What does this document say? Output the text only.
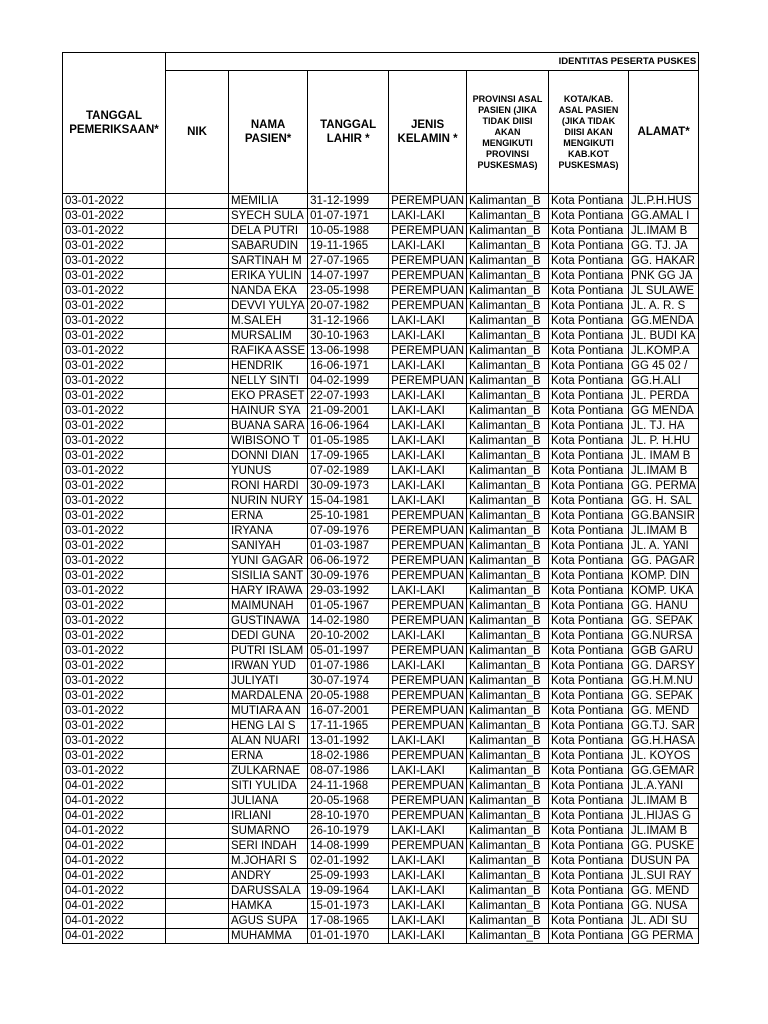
TANGGAL PEMERIKSAAN*	IDENTITAS PESERTA PUSKES						
	NIK	NAMA PASIEN*	TANGGAL LAHIR *	JENIS KELAMIN *	PROVINSI ASAL PASIEN (JIKA TIDAK DIISI AKAN MENGIKUTI PROVINSI PUSKESMAS)	KOTA/KAB. ASAL PASIEN (JIKA TIDAK DIISI AKAN MENGIKUTI KAB.KOT PUSKESMAS)	ALAMAT*
03-01-2022		MEMILIA	31-12-1999	PEREMPUAN	Kalimantan_B	Kota Pontiana	JL.P.H.HUS
03-01-2022		SYECH SULA	01-07-1971	LAKI-LAKI	Kalimantan_B	Kota Pontiana	GG.AMAL I
03-01-2022		DELA PUTRI	10-05-1988	PEREMPUAN	Kalimantan_B	Kota Pontiana	JL.IMAM B
03-01-2022		SABARUDIN	19-11-1965	LAKI-LAKI	Kalimantan_B	Kota Pontiana	GG. TJ. JA
03-01-2022		SARTINAH M	27-07-1965	PEREMPUAN	Kalimantan_B	Kota Pontiana	GG. HAKAR
03-01-2022		ERIKA YULIN	14-07-1997	PEREMPUAN	Kalimantan_B	Kota Pontiana	PNK GG JA
03-01-2022		NANDA EKA	23-05-1998	PEREMPUAN	Kalimantan_B	Kota Pontiana	JL SULAWE
03-01-2022		DEVVI YULYA	20-07-1982	PEREMPUAN	Kalimantan_B	Kota Pontiana	JL. A. R. S
03-01-2022		M.SALEH	31-12-1966	LAKI-LAKI	Kalimantan_B	Kota Pontiana	GG.MENDA
03-01-2022		MURSALIM	30-10-1963	LAKI-LAKI	Kalimantan_B	Kota Pontiana	JL. BUDI KA
03-01-2022		RAFIKA ASSE	13-06-1998	PEREMPUAN	Kalimantan_B	Kota Pontiana	JL.KOMP.A
03-01-2022		HENDRIK	16-06-1971	LAKI-LAKI	Kalimantan_B	Kota Pontiana	GG 45 02 /
03-01-2022		NELLY SINTI	04-02-1999	PEREMPUAN	Kalimantan_B	Kota Pontiana	GG.H.ALI
03-01-2022		EKO PRASET	22-07-1993	LAKI-LAKI	Kalimantan_B	Kota Pontiana	JL. PERDA
03-01-2022		HAINUR SYA	21-09-2001	LAKI-LAKI	Kalimantan_B	Kota Pontiana	GG MENDA
03-01-2022		BUANA SARA	16-06-1964	LAKI-LAKI	Kalimantan_B	Kota Pontiana	JL. TJ. HA
03-01-2022		WIBISONO T	01-05-1985	LAKI-LAKI	Kalimantan_B	Kota Pontiana	JL. P. H.HU
03-01-2022		DONNI DIAN	17-09-1965	LAKI-LAKI	Kalimantan_B	Kota Pontiana	JL. IMAM B
03-01-2022		YUNUS	07-02-1989	LAKI-LAKI	Kalimantan_B	Kota Pontiana	JL.IMAM B
03-01-2022		RONI HARDI	30-09-1973	LAKI-LAKI	Kalimantan_B	Kota Pontiana	GG. PERMA
03-01-2022		NURIN NURY	15-04-1981	LAKI-LAKI	Kalimantan_B	Kota Pontiana	GG. H. SAL
03-01-2022		ERNA	25-10-1981	PEREMPUAN	Kalimantan_B	Kota Pontiana	GG.BANSIR
03-01-2022		IRYANA	07-09-1976	PEREMPUAN	Kalimantan_B	Kota Pontiana	JL.IMAM B
03-01-2022		SANIYAH	01-03-1987	PEREMPUAN	Kalimantan_B	Kota Pontiana	JL. A. YANI
03-01-2022		YUNI GAGAR	06-06-1972	PEREMPUAN	Kalimantan_B	Kota Pontiana	GG. PAGAR
03-01-2022		SISILIA SANT	30-09-1976	PEREMPUAN	Kalimantan_B	Kota Pontiana	KOMP. DIN
03-01-2022		HARY IRAWA	29-03-1992	LAKI-LAKI	Kalimantan_B	Kota Pontiana	KOMP. UKA
03-01-2022		MAIMUNAH	01-05-1967	PEREMPUAN	Kalimantan_B	Kota Pontiana	GG. HANU
03-01-2022		GUSTINAWA	14-02-1980	PEREMPUAN	Kalimantan_B	Kota Pontiana	GG. SEPAK
03-01-2022		DEDI GUNA	20-10-2002	LAKI-LAKI	Kalimantan_B	Kota Pontiana	GG.NURSA
03-01-2022		PUTRI ISLAM	05-01-1997	PEREMPUAN	Kalimantan_B	Kota Pontiana	GGB GARU
03-01-2022		IRWAN YUD	01-07-1986	LAKI-LAKI	Kalimantan_B	Kota Pontiana	GG. DARSY
03-01-2022		JULIYATI	30-07-1974	PEREMPUAN	Kalimantan_B	Kota Pontiana	GG.H.M.NU
03-01-2022		MARDALENA	20-05-1988	PEREMPUAN	Kalimantan_B	Kota Pontiana	GG. SEPAK
03-01-2022		MUTIARA AN	16-07-2001	PEREMPUAN	Kalimantan_B	Kota Pontiana	GG. MEND
03-01-2022		HENG LAI S	17-11-1965	PEREMPUAN	Kalimantan_B	Kota Pontiana	GG.TJ. SAR
03-01-2022		ALAN NUARI	13-01-1992	LAKI-LAKI	Kalimantan_B	Kota Pontiana	GG.H.HASA
03-01-2022		ERNA	18-02-1986	PEREMPUAN	Kalimantan_B	Kota Pontiana	JL. KOYOS
03-01-2022		ZULKARNAE	08-07-1986	LAKI-LAKI	Kalimantan_B	Kota Pontiana	GG.GEMAR
04-01-2022		SITI YULIDA	24-11-1968	PEREMPUAN	Kalimantan_B	Kota Pontiana	JL.A.YANI
04-01-2022		JULIANA	20-05-1968	PEREMPUAN	Kalimantan_B	Kota Pontiana	JL.IMAM B
04-01-2022		IRLIANI	28-10-1970	PEREMPUAN	Kalimantan_B	Kota Pontiana	JL.HIJAS G
04-01-2022		SUMARNO	26-10-1979	LAKI-LAKI	Kalimantan_B	Kota Pontiana	JL.IMAM B
04-01-2022		SERI INDAH	14-08-1999	PEREMPUAN	Kalimantan_B	Kota Pontiana	GG. PUSKE
04-01-2022		M.JOHARI S	02-01-1992	LAKI-LAKI	Kalimantan_B	Kota Pontiana	DUSUN PA
04-01-2022		ANDRY	25-09-1993	LAKI-LAKI	Kalimantan_B	Kota Pontiana	JL.SUI RAY
04-01-2022		DARUSSALA	19-09-1964	LAKI-LAKI	Kalimantan_B	Kota Pontiana	GG. MEND
04-01-2022		HAMKA	15-01-1973	LAKI-LAKI	Kalimantan_B	Kota Pontiana	GG. NUSA
04-01-2022		AGUS SUPA	17-08-1965	LAKI-LAKI	Kalimantan_B	Kota Pontiana	JL. ADI SU
04-01-2022		MUHAMMA	01-01-1970	LAKI-LAKI	Kalimantan_B	Kota Pontiana	GG PERMA
